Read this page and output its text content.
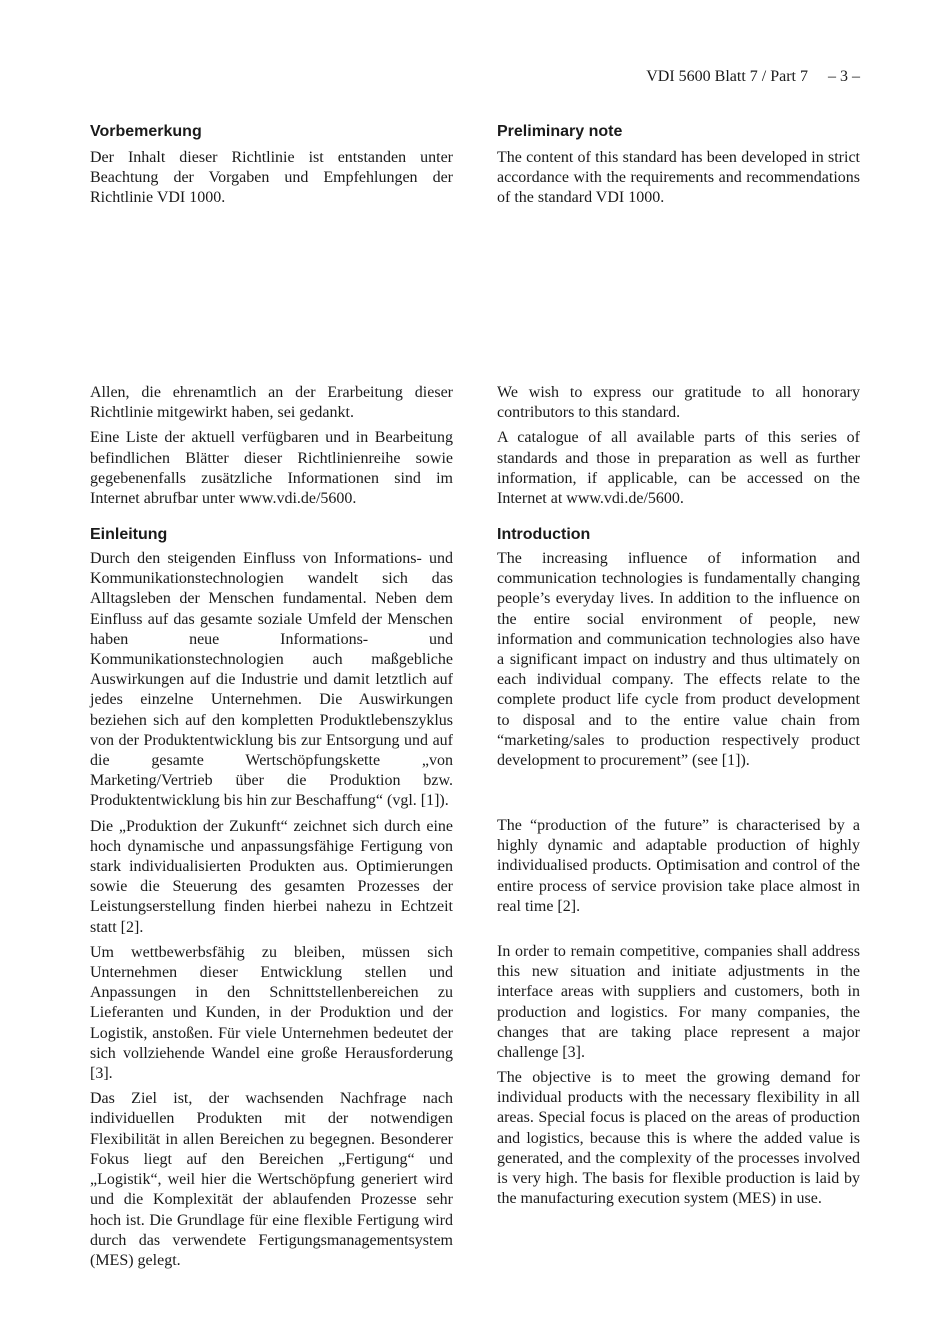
VDI 5600 Blatt 7 / Part 7 – 3 –
Vorbemerkung

Der Inhalt dieser Richtlinie ist entstanden unter Beachtung der Vorgaben und Empfehlungen der Richtlinie VDI 1000.

Allen, die ehrenamtlich an der Erarbeitung dieser Richtlinie mitgewirkt haben, sei gedankt.

Eine Liste der aktuell verfügbaren und in Bearbeitung befindlichen Blätter dieser Richtlinienreihe sowie gegebenenfalls zusätzliche Informationen sind im Internet abrufbar unter www.vdi.de/5600.

Einleitung

Durch den steigenden Einfluss von Informations- und Kommunikationstechnologien wandelt sich das Alltagsleben der Menschen fundamental. Neben dem Einfluss auf das gesamte soziale Umfeld der Menschen haben neue Informations- und Kommunikationstechnologien auch maßgebliche Auswirkungen auf die Industrie und damit letztlich auf jedes einzelne Unternehmen. Die Auswirkungen beziehen sich auf den kompletten Produktlebenszyklus von der Produktentwicklung bis zur Entsorgung und auf die gesamte Wertschöpfungskette „von Marketing/Vertrieb über die Produktion bzw. Produktentwicklung bis hin zur Beschaffung“ (vgl. [1]).

Die „Produktion der Zukunft“ zeichnet sich durch eine hoch dynamische und anpassungsfähige Fertigung von stark individualisierten Produkten aus. Optimierungen sowie die Steuerung des gesamten Prozesses der Leistungserstellung finden hierbei nahezu in Echtzeit statt [2].

Um wettbewerbsfähig zu bleiben, müssen sich Unternehmen dieser Entwicklung stellen und Anpassungen in den Schnittstellenbereichen zu Lieferanten und Kunden, in der Produktion und der Logistik, anstoßen. Für viele Unternehmen bedeutet der sich vollziehende Wandel eine große Herausforderung [3].

Das Ziel ist, der wachsenden Nachfrage nach individuellen Produkten mit der notwendigen Flexibilität in allen Bereichen zu begegnen. Besonderer Fokus liegt auf den Bereichen „Fertigung“ und „Logistik“, weil hier die Wertschöpfung generiert wird und die Komplexität der ablaufenden Prozesse sehr hoch ist. Die Grundlage für eine flexible Fertigung wird durch das verwendete Fertigungsmanagementsystem (MES) gelegt.

Preliminary note

The content of this standard has been developed in strict accordance with the requirements and recommendations of the standard VDI 1000.

We wish to express our gratitude to all honorary contributors to this standard.

A catalogue of all available parts of this series of standards and those in preparation as well as further information, if applicable, can be accessed on the Internet at www.vdi.de/5600.

Introduction

The increasing influence of information and communication technologies is fundamentally changing people’s everyday lives. In addition to the influence on the entire social environment of people, new information and communication technologies also have a significant impact on industry and thus ultimately on each individual company. The effects relate to the complete product life cycle from product development to disposal and to the entire value chain from “marketing/sales to production respectively product development to procurement” (see [1]).

The “production of the future” is characterised by a highly dynamic and adaptable production of highly individualised products. Optimisation and control of the entire process of service provision take place almost in real time [2].

In order to remain competitive, companies shall address this new situation and initiate adjustments in the interface areas with suppliers and customers, both in production and logistics. For many companies, the changes that are taking place represent a major challenge [3].

The objective is to meet the growing demand for individual products with the necessary flexibility in all areas. Special focus is placed on the areas of production and logistics, because this is where the added value is generated, and the complexity of the processes involved is very high. The basis for flexible production is laid by the manufacturing execution system (MES) in use.
